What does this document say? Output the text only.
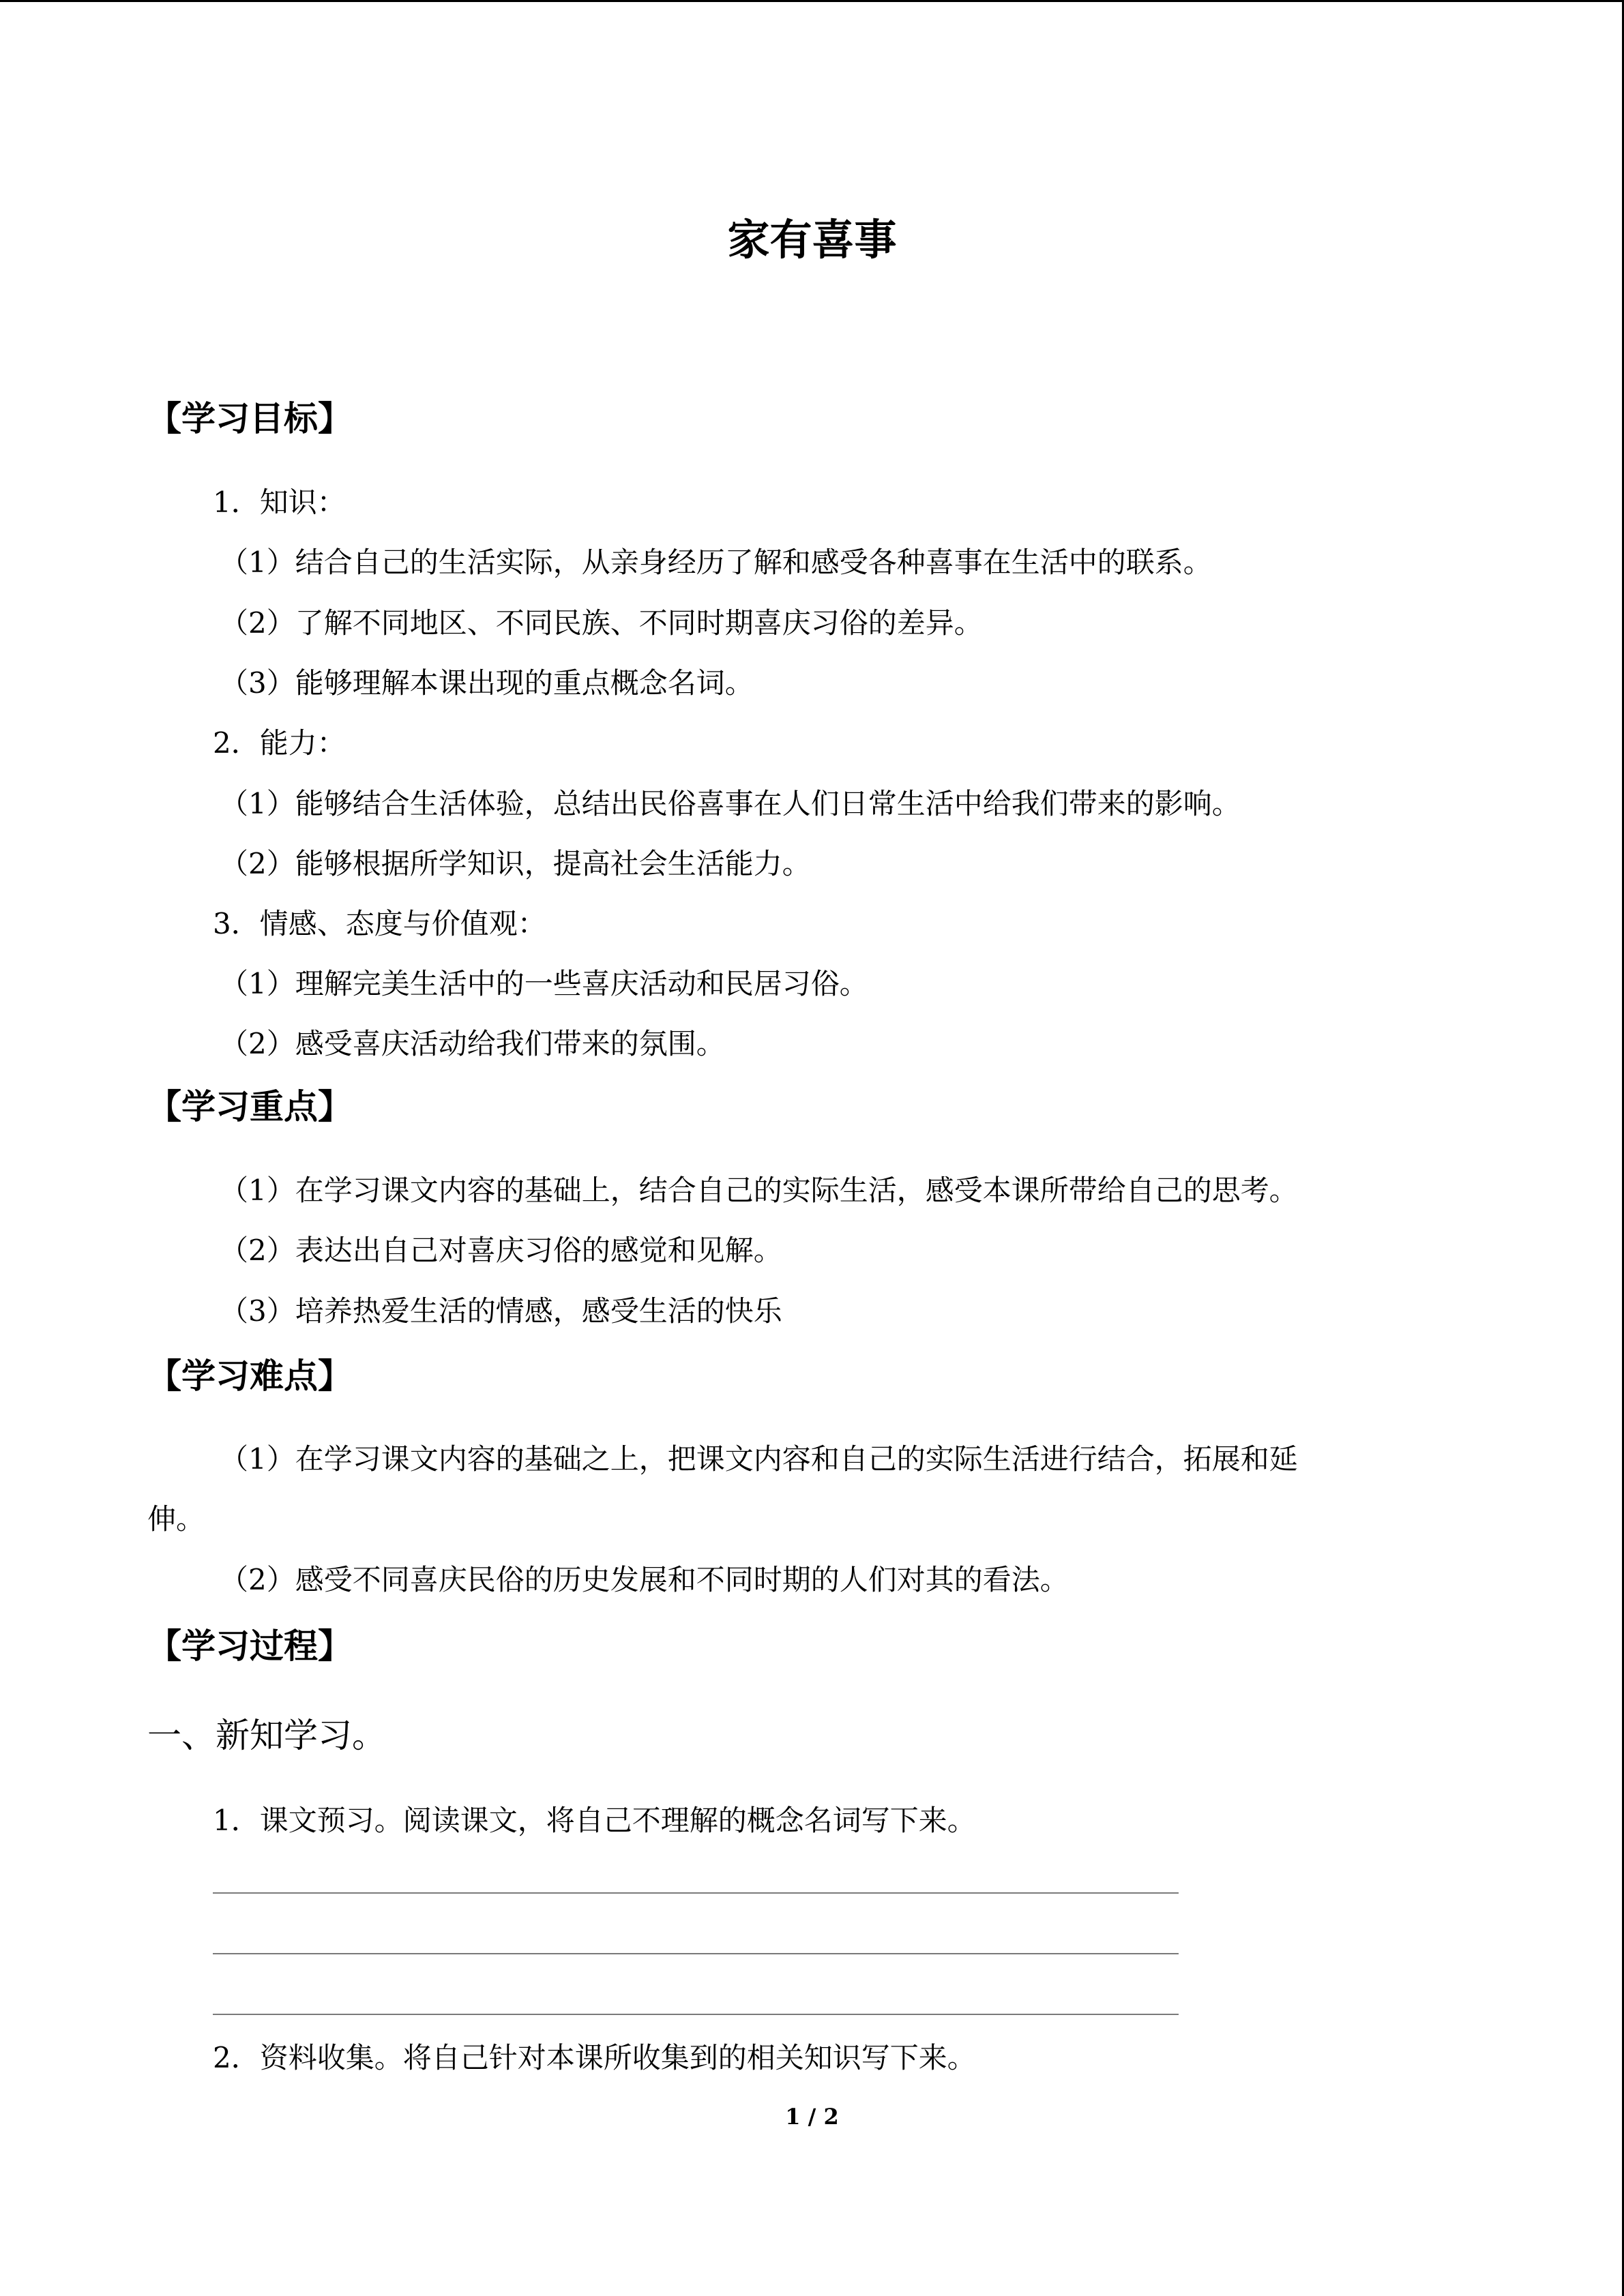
家有喜事
【学习目标】
1．知识：
（1）结合自己的生活实际，从亲身经历了解和感受各种喜事在生活中的联系。
（2）了解不同地区、不同民族、不同时期喜庆习俗的差异。
（3）能够理解本课出现的重点概念名词。
2．能力：
（1）能够结合生活体验，总结出民俗喜事在人们日常生活中给我们带来的影响。
（2）能够根据所学知识，提高社会生活能力。
3．情感、态度与价值观：
（1）理解完美生活中的一些喜庆活动和民居习俗。
（2）感受喜庆活动给我们带来的氛围。
【学习重点】
（1）在学习课文内容的基础上，结合自己的实际生活，感受本课所带给自己的思考。
（2）表达出自己对喜庆习俗的感觉和见解。
（3）培养热爱生活的情感，感受生活的快乐
【学习难点】
（1）在学习课文内容的基础之上，把课文内容和自己的实际生活进行结合，拓展和延
伸。
（2）感受不同喜庆民俗的历史发展和不同时期的人们对其的看法。
【学习过程】
一、新知学习。
1．课文预习。阅读课文，将自己不理解的概念名词写下来。
2．资料收集。将自己针对本课所收集到的相关知识写下来。
1 / 2
